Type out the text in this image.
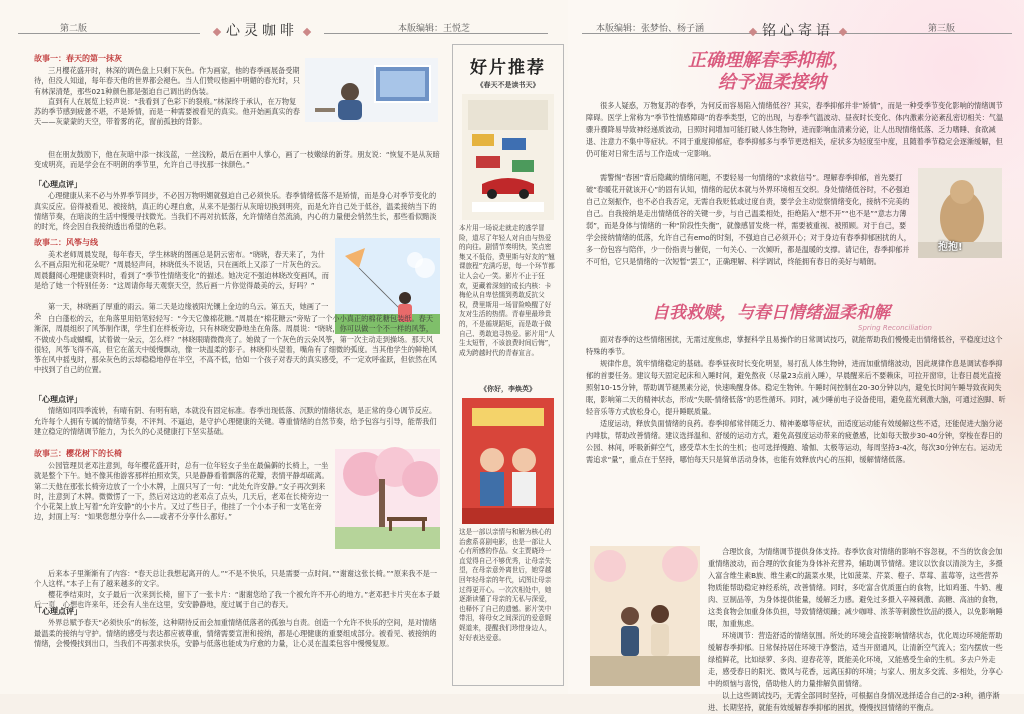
第二版	心灵咖啡	本版编辑：王悦芝
故事一：春天的第一抹灰

三月樱花盛开时，林深的调色盘上只剩下灰色。作为画家，他的春季画展备受期待，但没人知道，每年春天他的世界都会褪色。当人们赞叹他画中明媚的春光时，只有林深清楚，那些021种颜色都是强迫自己调出的伪装。

直到有人在展览上轻声说：“我看到了色彩下的裂痕。”林深终于承认，在万物复苏的季节感到疲惫不堪，不是矫情，而是一种需要被看见的真实。他开始画真实的春天——灰蒙蒙的天空，带着雾的花，窗前孤独的背影。

但在朋友鼓励下，他在灰暗中添一抹浅蓝，一丝浅粉，最后在画中人掌心，画了一枝嫩绿的新芽。朋友说：“恢复不是从灰暗变成明亮，而是学会在不明朗的季节里，允许自己寻找那一抹颜色。”

「心理点评」

心理健康从来不必与外界季节同步，不必因万物明媚就强迫自己必须快乐。春季情绪低落不是矫情，而是身心对季节变化的真实反应。倍得被看见、被接纳，真正的心理自愈，从来不是强行从灰暗切换到明亮，而是允许自己处于低谷，温柔接纳当下的情绪节奏，在暗淡的生活中慢慢寻找微光。当我们不再对抗低落，允许情绪自然流淌，内心的力量便会悄然生长，那些看似黯淡的时光，终会因自我接纳透出希望的色彩。

故事二：风筝与线

美术老师周晨发现，每年春天，学生林晓的图画总是阴云密布。“晓晓，春天来了，为什么不画点阳光和花朵呢？”周晨轻声问，林晓低头不说话，只在画纸上又添了一片灰色的云。周晨翻阅心理健康资料时，看到了“季节性情绪变化”的描述。她决定不强迫林晓改变画风，而是给了她一个特别任务：“这周请你每天观察天空，然后画一片你觉得最美的云，好吗？”

第一天，林晓画了厚重的雨云。第二天是边缘被阳光镶上金边的乌云。第五天，她画了一朵 白白蓬松的云，在角落里用铅笔轻轻写：“今天它像棉花糖。”周晨在“棉花糖云”旁贴了一个小小真正的棉花糖包装纸。春天渐深，周晨组织了风筝制作课，学生们在样板旁边，只有林晓安静地坐在角落。周晨说：“晓晓，你可以做一个不一样的风筝，不做成小鸟或蝴蝶，试着做一朵云，怎么样？”林晓眼睛微微亮了。她做了一个灰色的云朵风筝，第一次主动走到操场。那天风很轻，风筝飞得不高，但它在蓝天中缓慢飘动，像一块温柔的影子。林晓仰头望着，嘴角有了细微的弧度。当其他学生的鲜艳风筝在风中摇曳时，那朵灰色的云却稳稳地停在半空，不高不低，恰如一个孩子对春天的真实感受，不一定欢呼雀跃，但依然在风中找到了自己的位置。

「心理点评」

情绪如同四季流转，有晴有阴、有明有暗，本就没有固定标准。春季出现低落、沉默的情绪状态，是正常的身心调节反应。允许每个人拥有专属的情绪节奏，不评判、不逼迫，是守护心理健康的关键。尊重情绪的自然节奏，给予包容与引导，能帮我们建立稳定的情绪调节能力，为长久的心灵健康打下坚实基础。

故事三：樱花树下的长椅

公园管理员老邓注意到，每年樱花盛开时，总有一位年轻女子坐在最偏僻的长椅上，一坐就是整个下午。她不像其他游客那样拍照欢笑，只是静静看着飘落的花瓣，表情平静却疏离。第二天他在那张长椅旁边放了一个小木牌，上面只写了一句：“此处允许安静。”女子再次到来时，注意到了木牌。微微愣了一下，然后对这边的老邓点了点头，几天后，老邓在长椅旁边一个小花架上放上写着“允许安静”的小卡片。又过了些日子，他挂了一个小本子和一支笔在旁边，封面上写：“如果您想分享什么——或者不分享什么都好。”

后来本子里渐渐有了内容：“春天总让我想起离开的人。”“不是不快乐，只是需要一点时间。”“谢谢这张长椅。”“原来我不是一个人这样。”本子上有了越来越多的文字。

樱花季结束时，女子最后一次来到长椅，留下了一张卡片：“谢谢您给了我一个被允许不开心的地方。”老邓把卡片夹在本子最后一页，心想也许来年，还会有人坐在这里，安安静静地，度过属于自己的春天。

「心理点评」

外界总赋予春天“必须快乐”的标签，这种期待反而会加重情绪低落者的孤独与自责。创造一个允许不快乐的空间，是对情绪最温柔的接纳与守护。情绪的感受与表达都应被尊重，情绪需要宣泄和接纳，都是心理健康的重要组成部分。被看见、被接纳的情绪，会慢慢找到出口，当我们不再强求快乐，安静与低落也能成为疗愈的力量，让心灵在温柔包容中慢慢复原。

好片推荐
《春天不是读书天》
本片用一场说走就走的逃学冒险，道尽了年轻人对自由与热爱的向往。剧情节奏明快，笑点密集又不低俗，费里斯与好友的“翘课旅程”充满巧思，每一个环节都让人会心一笑。影片不止于狂欢，更藏着深刻的成长内核：卡梅伦从自卑怯懦到勇敢反抗父权，费里斯用一场冒险唤醒了好友对生活的热情。青春里最珍贵的，不是循规蹈矩，而是敢于做自己、勇敢追寻热爱。影片用“人生太短暂，不该浪费时间后悔”，成为跨越时代的青春宣言。
《你好，李焕英》
这是一部以亲情与和解为核心的治愈系喜剧电影，也是一部让人心有所感的作品。女主贾晓玲一直觉得自己不够优秀，让母亲失望，在母亲意外离世后，她穿越回年轻母亲的年代，试图让母亲过得更开心。一次次相处中，她逐渐读懂了母亲的无私与深爱，也释怀了自己的遗憾。影片笑中带泪，将母女之间深沉的爱意娓娓道来，提醒我们珍惜身边人，好好表达爱意。
本版编辑：张梦怡、杨子涵	铭心寄语	第三版
正确理解春季抑郁，
给予温柔接纳

很多人疑惑，万物复苏的春季，为何反而容易陷入情绪低谷？其实，春季抑郁并非“矫情”，而是一种受季节变化影响的情绪调节障碍。医学上常称为“季节性情感障碍”的春季类型，它的出现，与春季气温波动、昼夜时长变化、体内激素分泌紊乱密切相关：气温骤升骤降易导致神经递质波动，日照时间增加可能打破人体生物钟，进而影响血清素分泌，让人出现情绪低落、乏力嗜睡、食欲减退、注意力不集中等症状。不同于重度抑郁症，春季抑郁多与季节更迭相关，症状多为轻度至中度，且随着季节稳定会逐渐缓解，但仍可能对日常生活与工作造成一定影响。

需警惕“春困”背后隐藏的情绪问题，不要轻易一句情绪的“求救信号”。理解春季抑郁，首先要打破“春暖花开就该开心”的固有认知，情绪的起伏本就与外界环境相互交织。身处情绪低谷时，不必强迫自己立刻振作，也不必自我否定，无需自我贬低或过度自责，要学会主动觉察情绪变化，接纳不完美的自己。自我接纳是走出情绪低谷的关键一步，与自己温柔相处，拒绝陷入“想不开”“也不是”“意志力薄弱”，而是身体与情绪的一种“阶段性失衡”，就像感冒发烧一样，需要被重视、被照顾。对于自己，要学会接纳情绪的低落，允许自己有emo的时刻，不强迫自己必须开心；对于身边有春季抑郁困扰的人，多一份包容与陪伴，少一份指责与催促，一句关心、一次倾听，都是温暖的支撑。请记住，春季抑郁并不可怕，它只是情绪的一次短暂“罢工”，正确理解、科学调试，终能拥有春日的美好与晴朗。

抱抱!
自我救赎，与春日情绪温柔和解
Spring Reconciliation

面对春季的这些情绪困扰，无需过度焦虑，掌握科学且易操作的日常调试技巧，就能帮助我们慢慢走出情绪低谷，平稳度过这个特殊的季节。

规律作息，筑牢情绪稳定的基础。春季昼夜时长变化明显，易打乱人体生物钟，进而加重情绪波动，因此规律作息是调试春季抑郁的首要任务。建议每天固定起床和入睡时间，避免熬夜（尽量23点前入睡），早晨醒来后不要赖床，可拉开窗帘，让春日晨光直接照射10-15分钟，帮助调节褪黑素分泌，快速唤醒身体。稳定生物钟。午睡时间控制在20-30分钟以内，避免长时间午睡导致夜间失眠，影响第二天的精神状态，形成“失眠-情绪低落”的恶性循环。同时，减少睡前电子设备使用，避免蓝光刺激大脑，可通过泡脚、听轻音乐等方式放松身心，提升睡眠质量。

适度运动，释放负面情绪的良药。春季抑郁常伴随乏力、精神萎靡等症状，而适度运动能有效缓解这些不适，还能促进大脑分泌内啡肽，帮助改善情绪。建议选择温和、舒缓的运动方式，避免高强度运动带来的疲惫感，比如每天散步30-40分钟，穿梭在春日的公园、林间，呼吸新鲜空气，感受草木生长的生机；也可选择慢跑、瑜伽、太极等运动，每周坚持3-4次，每次30分钟左右。运动无需追求“量”，重点在于坚持，哪怕每天只是简单活动身体，也能有效释放内心的压抑，缓解情绪低落。

合理饮食，为情绪调节提供身体支持。春季饮食对情绪的影响不容忽视，不当的饮食会加重情绪波动，而合理的饮食能为身体补充营养，辅助调节情绪。建议以饮食以清淡为主，多摄入富含维生素B族、维生素C的蔬菜水果，比如菠菜、芹菜、橙子、草莓、蓝莓等，这些营养物质能帮助稳定神经系统，改善情绪。同时，多吃富含优质蛋白的食物，比如鸡蛋、牛奶、瘦肉、豆制品等，为身体提供能量，缓解乏力感。避免过多摄入辛辣刺激、高糖、高油的食物，这类食物会加重身体负担，导致情绪烦躁；减少咖啡、浓茶等刺激性饮品的摄入，以免影响睡眠，加重焦虑。

环境调节：营造舒适的情绪氛围。所处的环境会直接影响情绪状态，优化周边环境能帮助缓解春季抑郁。日常保持居住环境干净整洁，适当开窗通风，让清新空气流入；室内摆放一些绿植鲜花，比如绿萝、多肉、迎春花等，既能美化环境，又能感受生命的生机。多去户外走走，感受春日的阳光、微风与花香，远离压抑的环境；与家人、朋友多交流、多相处，分享心中的烦恼与喜悦，借助他人的力量排解负面情绪。

以上这些调试技巧，无需全部同时坚持，可根据自身情况选择适合自己的2-3种，循序渐进、长期坚持，就能有效缓解春季抑郁的困扰，慢慢找回情绪的平衡点。
